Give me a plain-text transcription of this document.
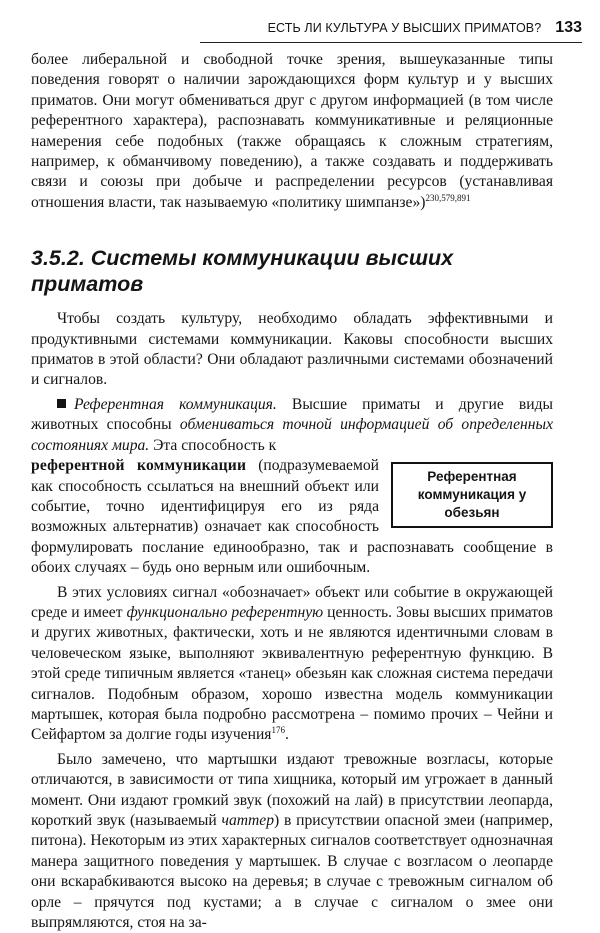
ЕСТЬ ЛИ КУЛЬТУРА У ВЫСШИХ ПРИМАТОВ? 133

более либеральной и свободной точке зрения, вышеуказанные типы поведения говорят о наличии зарождающихся форм культур и у высших приматов. Они могут обмениваться друг с другом информацией (в том числе референтного характера), распознавать коммуникативные и реляционные намерения себе подобных (также обращаясь к сложным стратегиям, например, к обманчивому поведению), а также создавать и поддерживать связи и союзы при добыче и распределении ресурсов (устанавливая отношения власти, так называемую «политику шимпанзе»)$^{230,579,891}$

3.5.2. Системы коммуникации высших приматов

Чтобы создать культуру, необходимо обладать эффективными и продуктивными системами коммуникации. Каковы способности высших приматов в этой области? Они обладают различными системами обозначений и сигналов.

Референтная коммуникация. Высшие приматы и другие виды животных способны обмениваться точной информацией об определенных состояниях мира. Эта способность к

Референтная коммуникация у обезьян
референтной коммуникации (подразумеваемой как способность ссылаться на внешний объект или событие, точно идентифицируя его из ряда возможных альтернатив) означает как способность формулировать послание единообразно, так и распознавать сообщение в обоих случаях – будь оно верным или ошибочным.

В этих условиях сигнал «обозначает» объект или событие в окружающей среде и имеет функционально референтную ценность. Зовы высших приматов и других животных, фактически, хоть и не являются идентичными словам в человеческом языке, выполняют эквивалентную референтную функцию. В этой среде типичным является «танец» обезьян как сложная система передачи сигналов. Подобным образом, хорошо известна модель коммуникации мартышек, которая была подробно рассмотрена – помимо прочих – Чейни и Сейфартом за долгие годы изучения$^{176}$.

Было замечено, что мартышки издают тревожные возгласы, которые отличаются, в зависимости от типа хищника, который им угрожает в данный момент. Они издают громкий звук (похожий на лай) в присутствии леопарда, короткий звук (называемый чаттер) в присутствии опасной змеи (например, питона). Некоторым из этих характерных сигналов соответствует однозначная манера защитного поведения у мартышек. В случае с возгласом о леопарде они вскарабкиваются высоко на деревья; в случае с тревожным сигналом об орле – прячутся под кустами; а в случае с сигналом о змее они выпрямляются, стоя на за-
